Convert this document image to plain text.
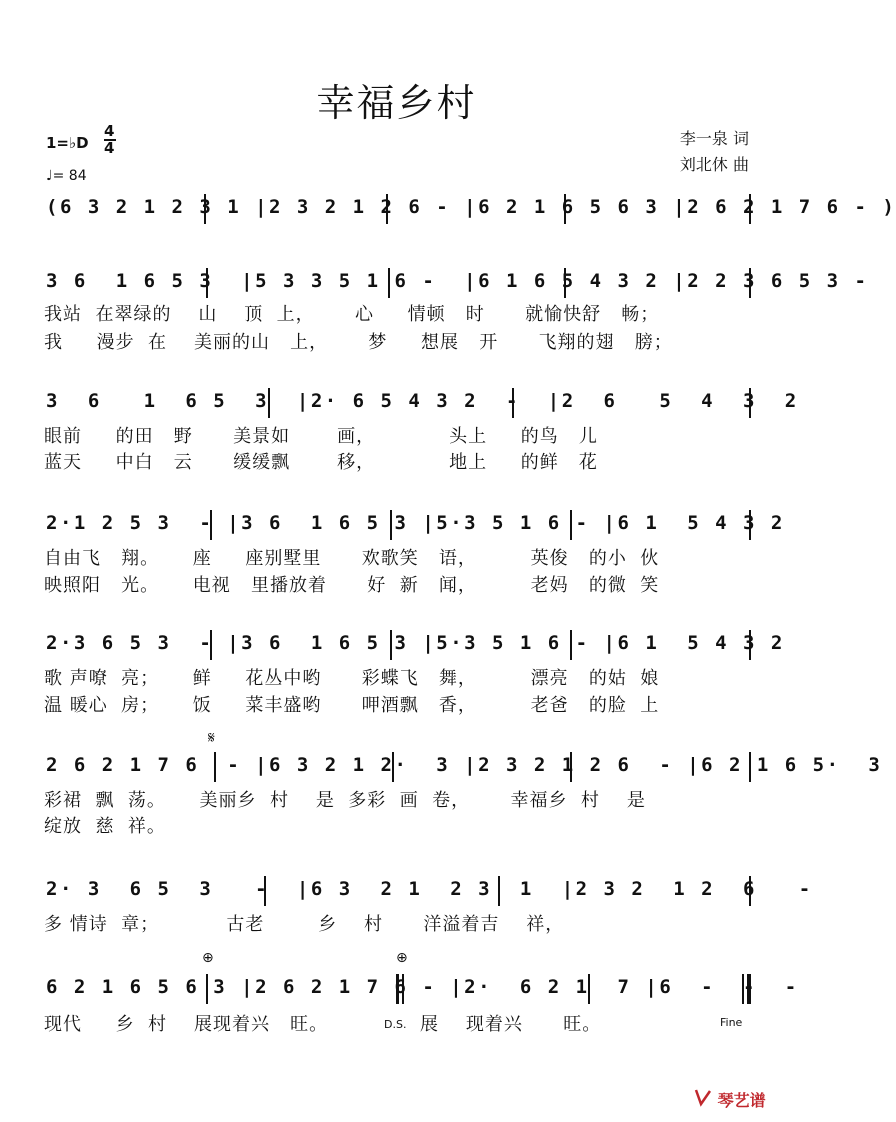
幸福乡村
1=♭D
4
4
♩= 84
李一泉 词
刘北休 曲
(6 3 2 1 2 3 1 |2 3 2 1 2 6 - |6 2 1 6 5 6 3 |2 6 2 1 7 6 - )
3 6  1 6 5 3  |5 3 3 5 1 6 -  |6 1 6 5 4 3 2 |2 2 3 6 5 3 -
我站  在翠绿的    山    顶  上，      心     情顿   时      就愉快舒   畅；
我     漫步  在    美丽的山   上，      梦     想展   开      飞翔的翅   膀；
3  6   1  6 5  3  |2· 6 5 4 3 2  -  |2  6   5  4  3  2
眼前     的田   野      美景如       画，           头上     的鸟   儿
蓝天     中白   云      缓缓飘       移，           地上     的鲜   花
2·1 2 5 3  - |3 6  1 6 5 3 |5·3 5 1 6 - |6 1  5 4 3 2
自由飞   翔。     座     座别墅里      欢歌笑   语，        英俊   的小  伙
映照阳   光。     电视   里播放着      好  新   闻，        老妈   的微  笑
2·3 6 5 3  - |3 6  1 6 5 3 |5·3 5 1 6 - |6 1  5 4 3 2
歌 声嘹  亮；     鲜     花丛中哟      彩蝶飞   舞，        漂亮   的姑  娘
温 暖心  房；     饭     菜丰盛哟      呷酒飘   香，        老爸   的脸  上
𝄋
2 6 2 1 7 6  - |6 3 2 1 2·  3 |2 3 2 1 2 6  - |6 2 1 6 5·  3
彩裙  飘  荡。     美丽乡  村    是  多彩  画  卷，      幸福乡  村    是
绽放  慈  祥。
2· 3  6 5  3   -  |6 3  2 1  2 3  1  |2 3 2  1 2  6   -
多 情诗  章；          古老        乡    村      洋溢着吉    祥，
⊕	⊕
6 2 1 6 5 6 3 |2 6 2 1 7 6 - |2·  6 2 1  7 |6  -  -  -
现代     乡  村    展现着兴   旺。	D.S. 展    现着兴      旺。	Fine
琴艺谱
